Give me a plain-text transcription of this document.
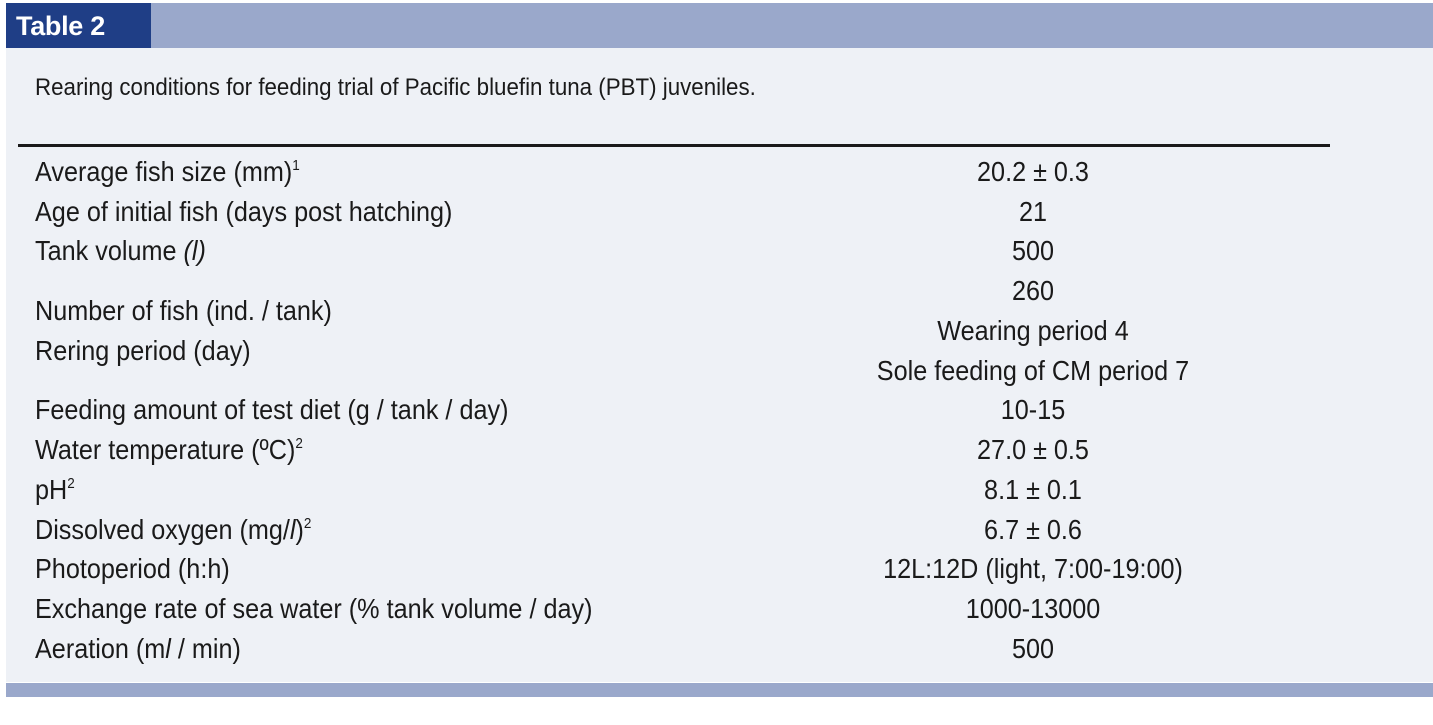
Table 2
Rearing conditions for feeding trial of Pacific bluefin tuna (PBT) juveniles.
Average fish size (mm)$^1$
Age of initial fish (days post hatching)
Tank volume (l)
Number of fish (ind. / tank)
Rering period (day)
Feeding amount of test diet (g / tank / day)
Water temperature (ºC)$^2$
$pH^2$
Dissolved oxygen $(mg/l)^2$
Photoperiod (h:h)
Exchange rate of sea water (% tank volume / day)
Aeration (ml / min)
20.2 ± 0.3
21
500
260
Wearing period 4
Sole feeding of CM period 7
10-15
27.0 ± 0.5
8.1 ± 0.1
6.7 ± 0.6
12L:12D (light, 7:00-19:00)
1000-13000
500
